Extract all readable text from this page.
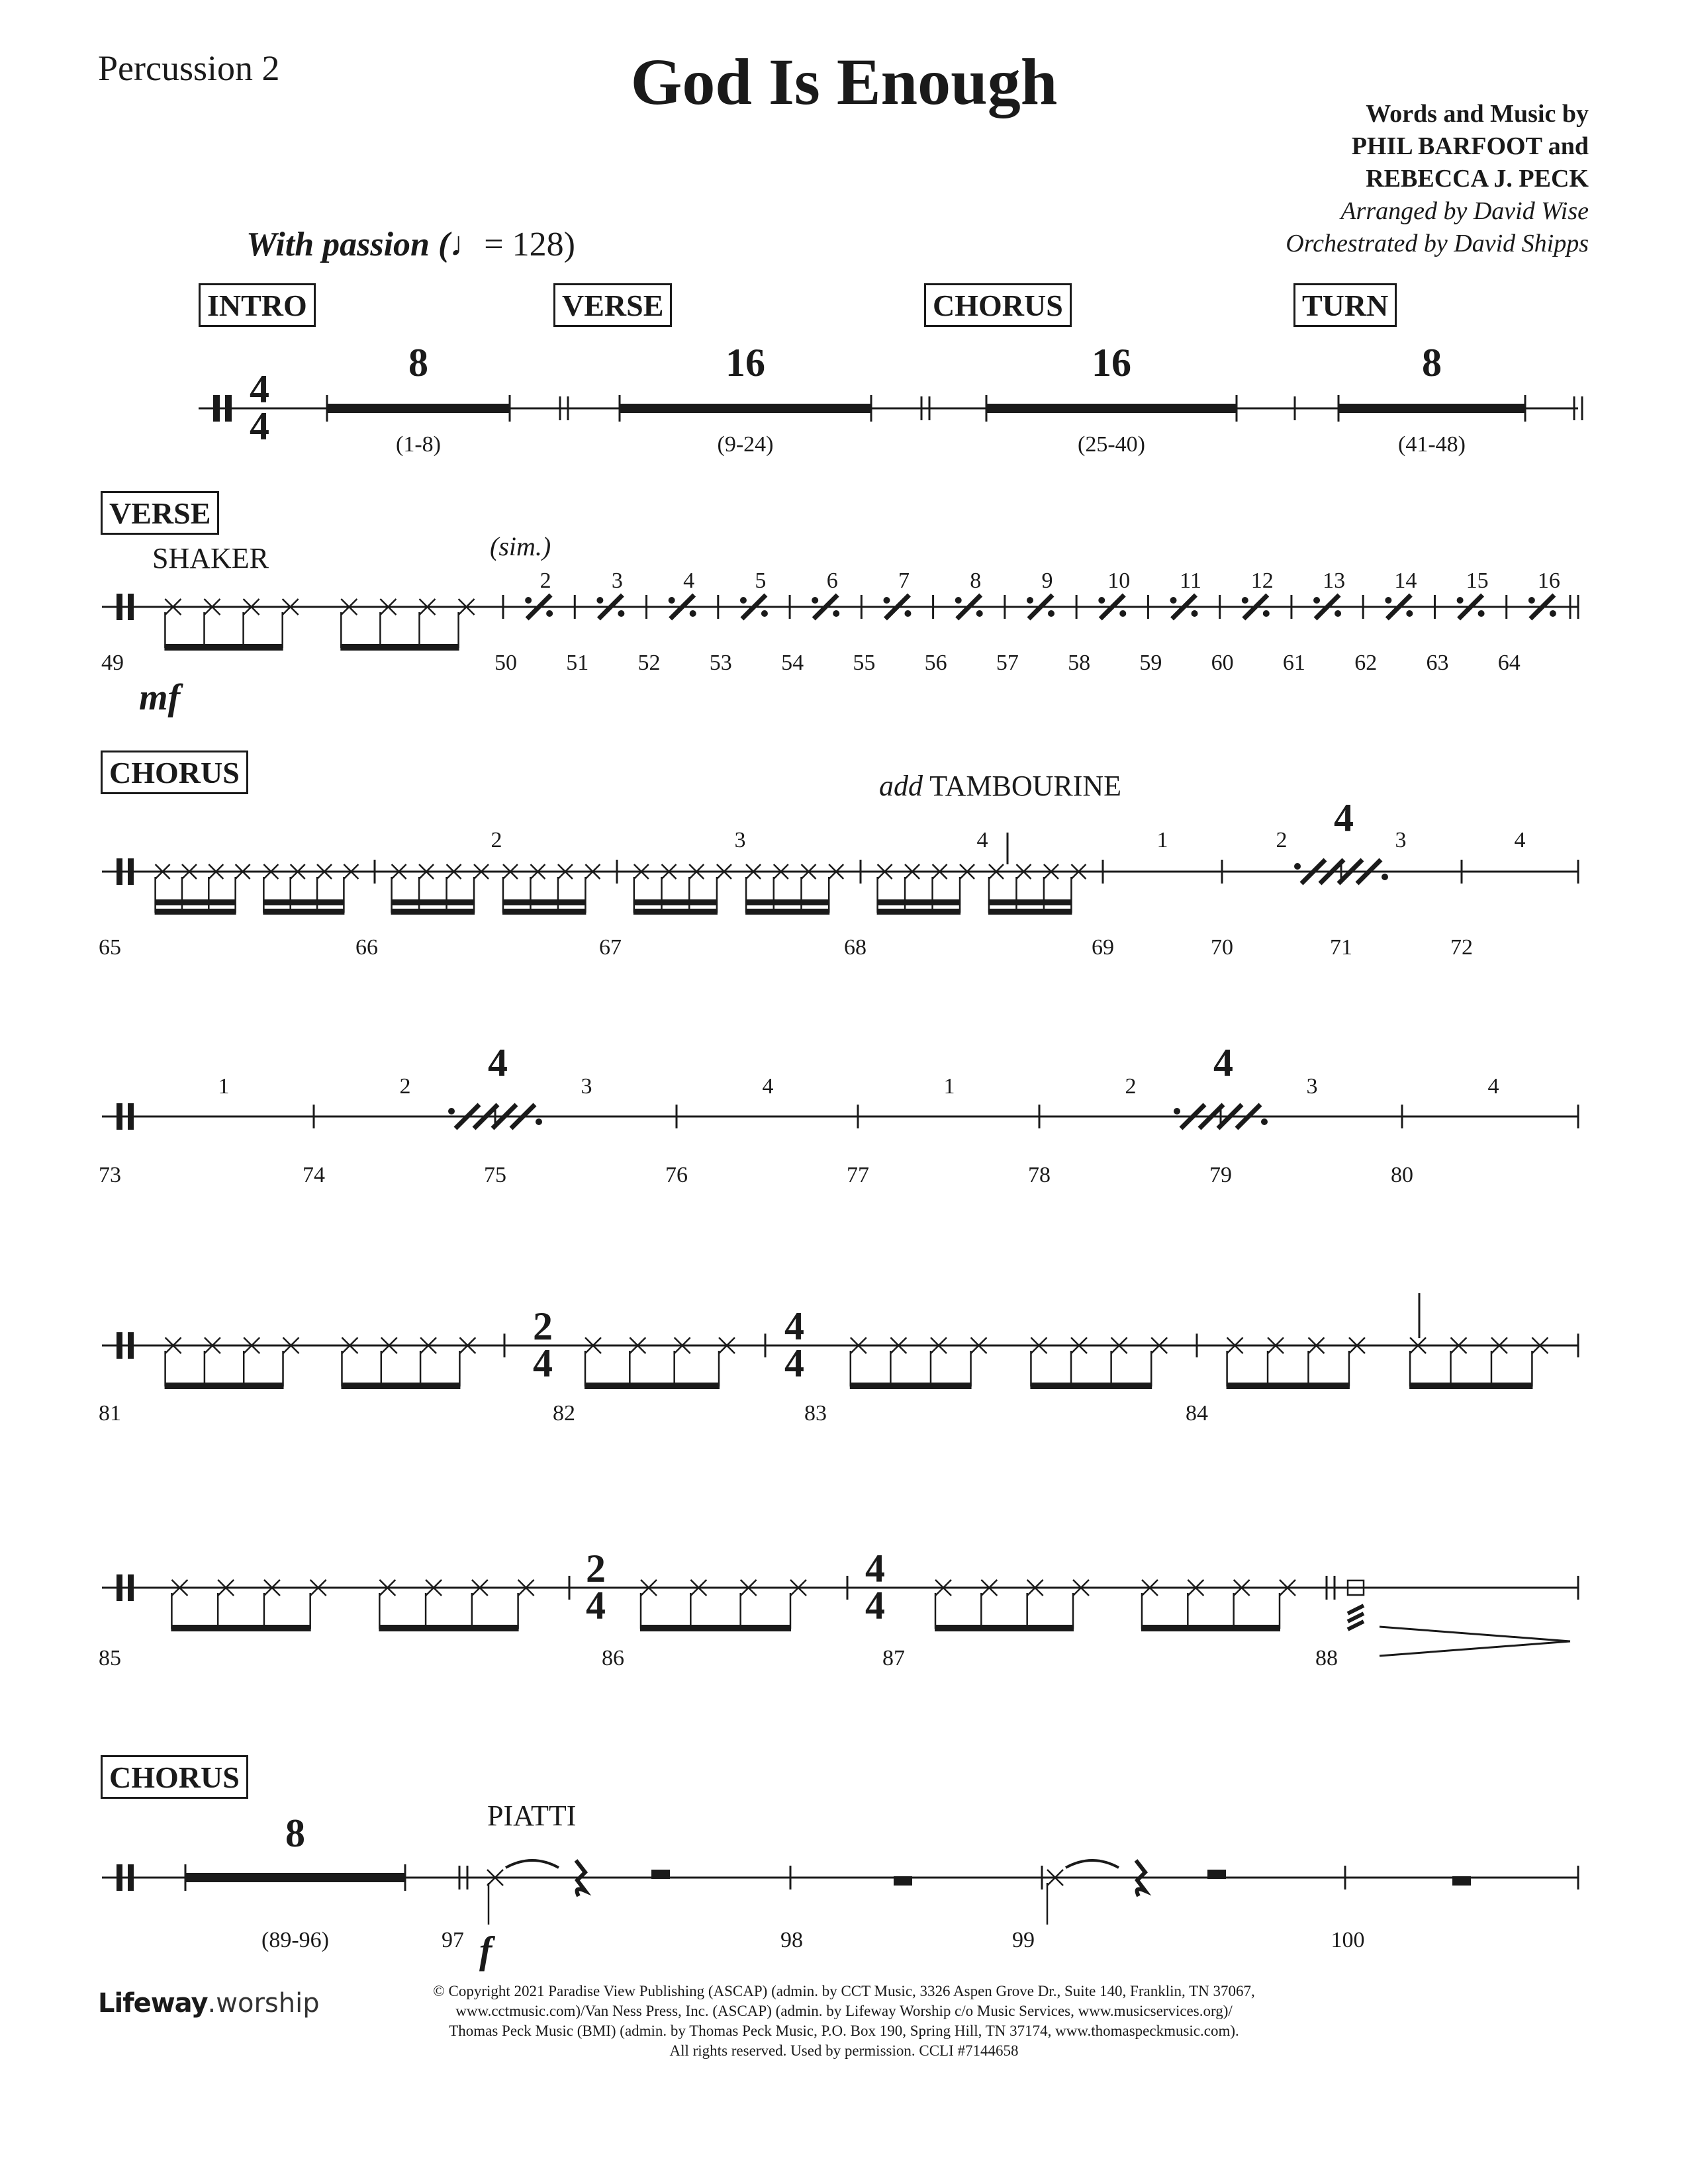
Percussion 2	God Is Enough	Words and Music by
PHIL BARFOOT and
REBECCA J. PECK
Arranged by David Wise
Orchestrated by David Shipps
With passion (♩= 128)
INTRO	VERSE	CHORUS	TURN
VERSE
SHAKER	(sim.)
CHORUS	add TAMBOURINE
CHORUS
PIATTI
4
4
8
(1-8)
16
(9-24)
16
(25-40)
8
(41-48)
49
2
50
3
51
4
52
5
53
6
54
7
55
8
56
9
57
10
58
11
59
12
60
13
61
14
62
15
63
16
64
mf
2	3	4	1	2	3	4
4
65	66	67	68	69	70	71	72
1	2	3	4	1	2	3	4
4	4
73	74	75	76	77	78	79	80
2
4
4
4
81	82	83	84
2
4
4
4
85	86	87	88
8
(89-96)	f
97	98	99	100
Lifeway.worship	© Copyright 2021 Paradise View Publishing (ASCAP) (admin. by CCT Music, 3326 Aspen Grove Dr., Suite 140, Franklin, TN 37067,
www.cctmusic.com)/Van Ness Press, Inc. (ASCAP) (admin. by Lifeway Worship c/o Music Services, www.musicservices.org)/
Thomas Peck Music (BMI) (admin. by Thomas Peck Music, P.O. Box 190, Spring Hill, TN 37174, www.thomaspeckmusic.com).
All rights reserved. Used by permission. CCLI #7144658
